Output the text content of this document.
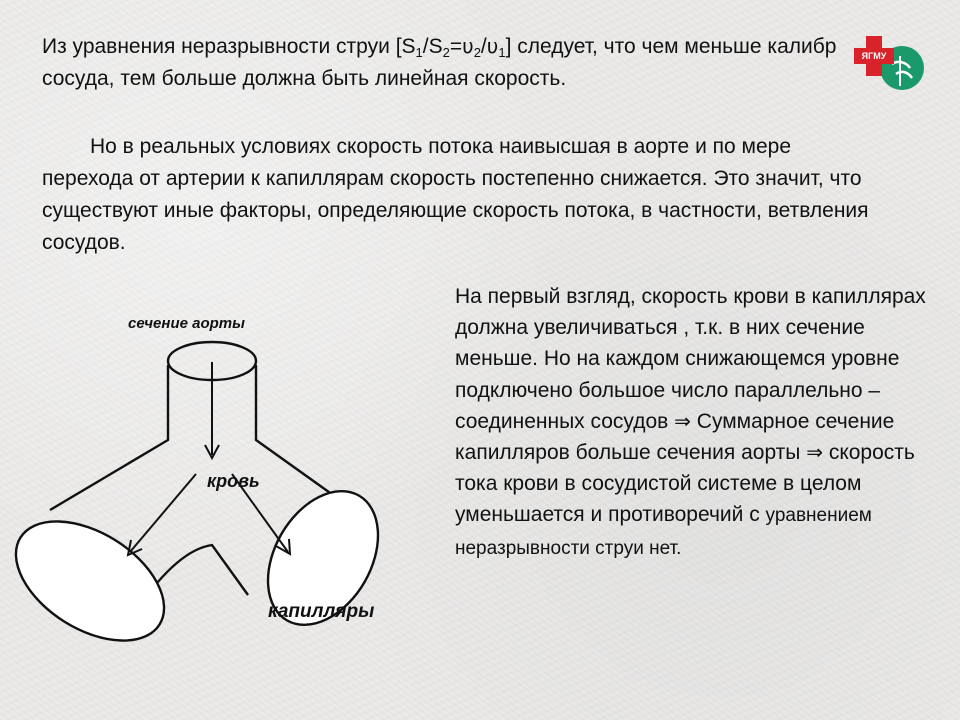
Из уравнения неразрывности струи $[S_1/S_2=\upsilon_2/\upsilon_1]$ следует, что чем меньше калибр сосуда, тем больше должна быть линейная скорость.

Но в реальных условиях скорость потока наивысшая в аорте и по мере перехода от артерии к капиллярам скорость постепенно снижается. Это значит, что существуют иные факторы, определяющие скорость потока, в частности, ветвления сосудов.

На первый взгляд, скорость крови в капиллярах должна увеличиваться , т.к. в них сечение меньше. Но на каждом снижающемся уровне подключено большое число параллельно – соединенных сосудов ⇒ Суммарное сечение капилляров больше сечения аорты ⇒ скорость тока крови в сосудистой системе в целом уменьшается и противоречий с уравнением неразрывности струи нет.

ЯГМУ
сечение аорты
кровь
капилляры
